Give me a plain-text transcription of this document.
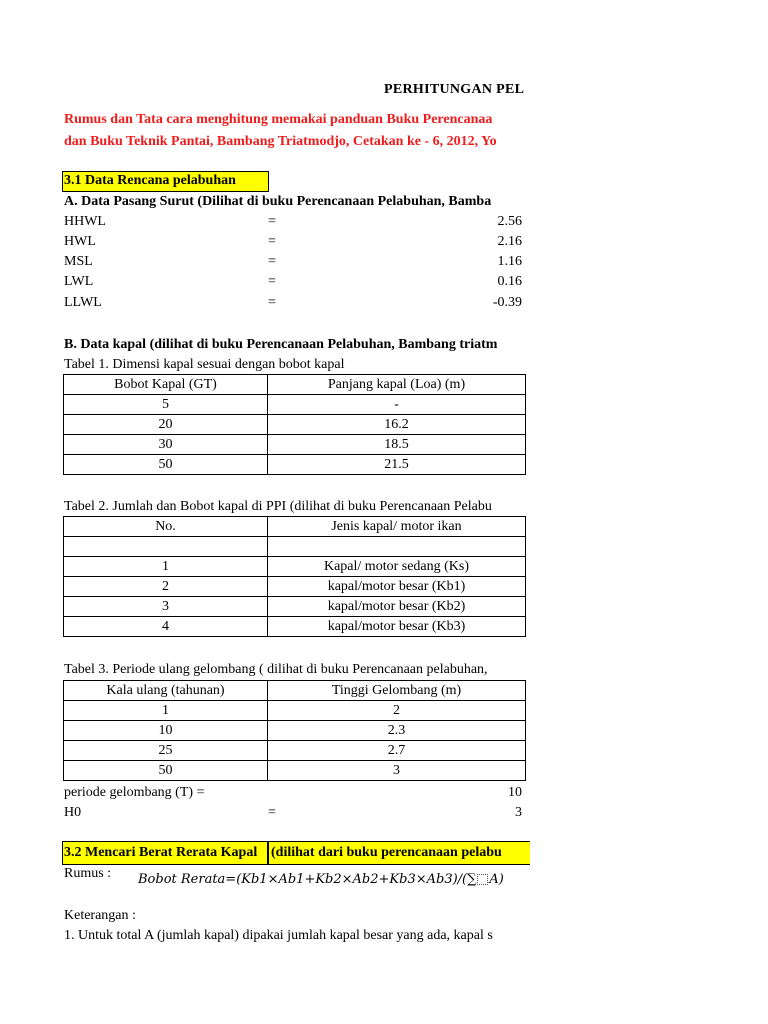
PERHITUNGAN PEL
Rumus dan Tata cara menghitung memakai panduan Buku Perencanaa
dan Buku Teknik Pantai, Bambang Triatmodjo, Cetakan ke - 6, 2012, Yo
3.1 Data Rencana pelabuhan
A. Data Pasang Surut (Dilihat di buku Perencanaan Pelabuhan, Bamba
HHWL	=	2.56
HWL	=	2.16
MSL	=	1.16
LWL	=	0.16
LLWL	=	-0.39
B. Data kapal (dilihat di buku Perencanaan Pelabuhan, Bambang triatm
Tabel 1. Dimensi kapal sesuai dengan bobot kapal
Bobot Kapal (GT)	Panjang kapal (Loa) (m)
5	-
20	16.2
30	18.5
50	21.5
Tabel 2. Jumlah dan Bobot kapal di PPI (dilihat di buku Perencanaan Pelabu
No.	Jenis kapal/ motor ikan

1	Kapal/ motor sedang (Ks)
2	kapal/motor besar (Kb1)
3	kapal/motor besar (Kb2)
4	kapal/motor besar (Kb3)
Tabel 3. Periode ulang gelombang ( dilihat di buku Perencanaan pelabuhan,
Kala ulang (tahunan)	Tinggi Gelombang (m)
1	2
10	2.3
25	2.7
50	3
periode gelombang (T) =	10
H0	=	3
3.2 Mencari Berat Rerata Kapal (dilihat dari buku perencanaan pelabu
Rumus : Bobot Rerata=(Kb1×Ab1+Kb2×Ab2+Kb3×Ab3)/(∑ A)
Keterangan :
1. Untuk total A (jumlah kapal) dipakai jumlah kapal besar yang ada, kapal s
